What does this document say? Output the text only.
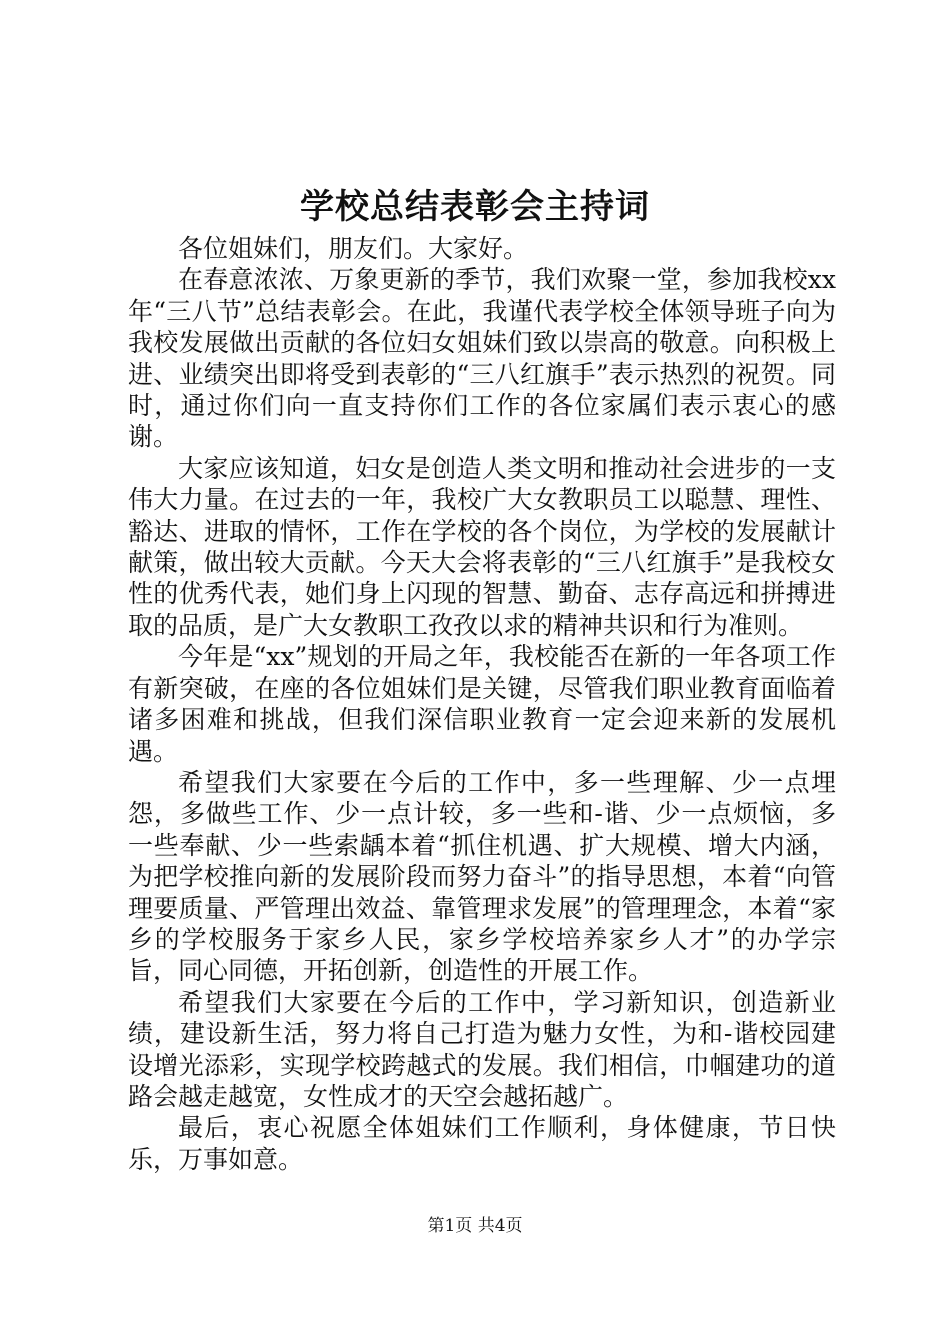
学校总结表彰会主持词

各位姐妹们，朋友们。大家好。

在春意浓浓、万象更新的季节，我们欢聚一堂，参加我校xx年“三八节”总结表彰会。在此，我谨代表学校全体领导班子向为我校发展做出贡献的各位妇女姐妹们致以崇高的敬意。向积极上进、业绩突出即将受到表彰的“三八红旗手”表示热烈的祝贺。同时，通过你们向一直支持你们工作的各位家属们表示衷心的感谢。

大家应该知道，妇女是创造人类文明和推动社会进步的一支伟大力量。在过去的一年，我校广大女教职员工以聪慧、理性、豁达、进取的情怀，工作在学校的各个岗位，为学校的发展献计献策，做出较大贡献。今天大会将表彰的“三八红旗手”是我校女性的优秀代表，她们身上闪现的智慧、勤奋、志存高远和拼搏进取的品质，是广大女教职工孜孜以求的精神共识和行为准则。

今年是“xx”规划的开局之年，我校能否在新的一年各项工作有新突破，在座的各位姐妹们是关键，尽管我们职业教育面临着诸多困难和挑战，但我们深信职业教育一定会迎来新的发展机遇。

希望我们大家要在今后的工作中，多一些理解、少一点埋怨，多做些工作、少一点计较，多一些和-谐、少一点烦恼，多一些奉献、少一些索龋本着“抓住机遇、扩大规模、增大内涵，为把学校推向新的发展阶段而努力奋斗”的指导思想，本着“向管理要质量、严管理出效益、靠管理求发展”的管理理念，本着“家乡的学校服务于家乡人民，家乡学校培养家乡人才”的办学宗旨，同心同德，开拓创新，创造性的开展工作。

希望我们大家要在今后的工作中，学习新知识，创造新业绩，建设新生活，努力将自己打造为魅力女性，为和-谐校园建设增光添彩，实现学校跨越式的发展。我们相信，巾帼建功的道路会越走越宽，女性成才的天空会越拓越广。

最后，衷心祝愿全体姐妹们工作顺利，身体健康，节日快乐，万事如意。

第1页 共4页
